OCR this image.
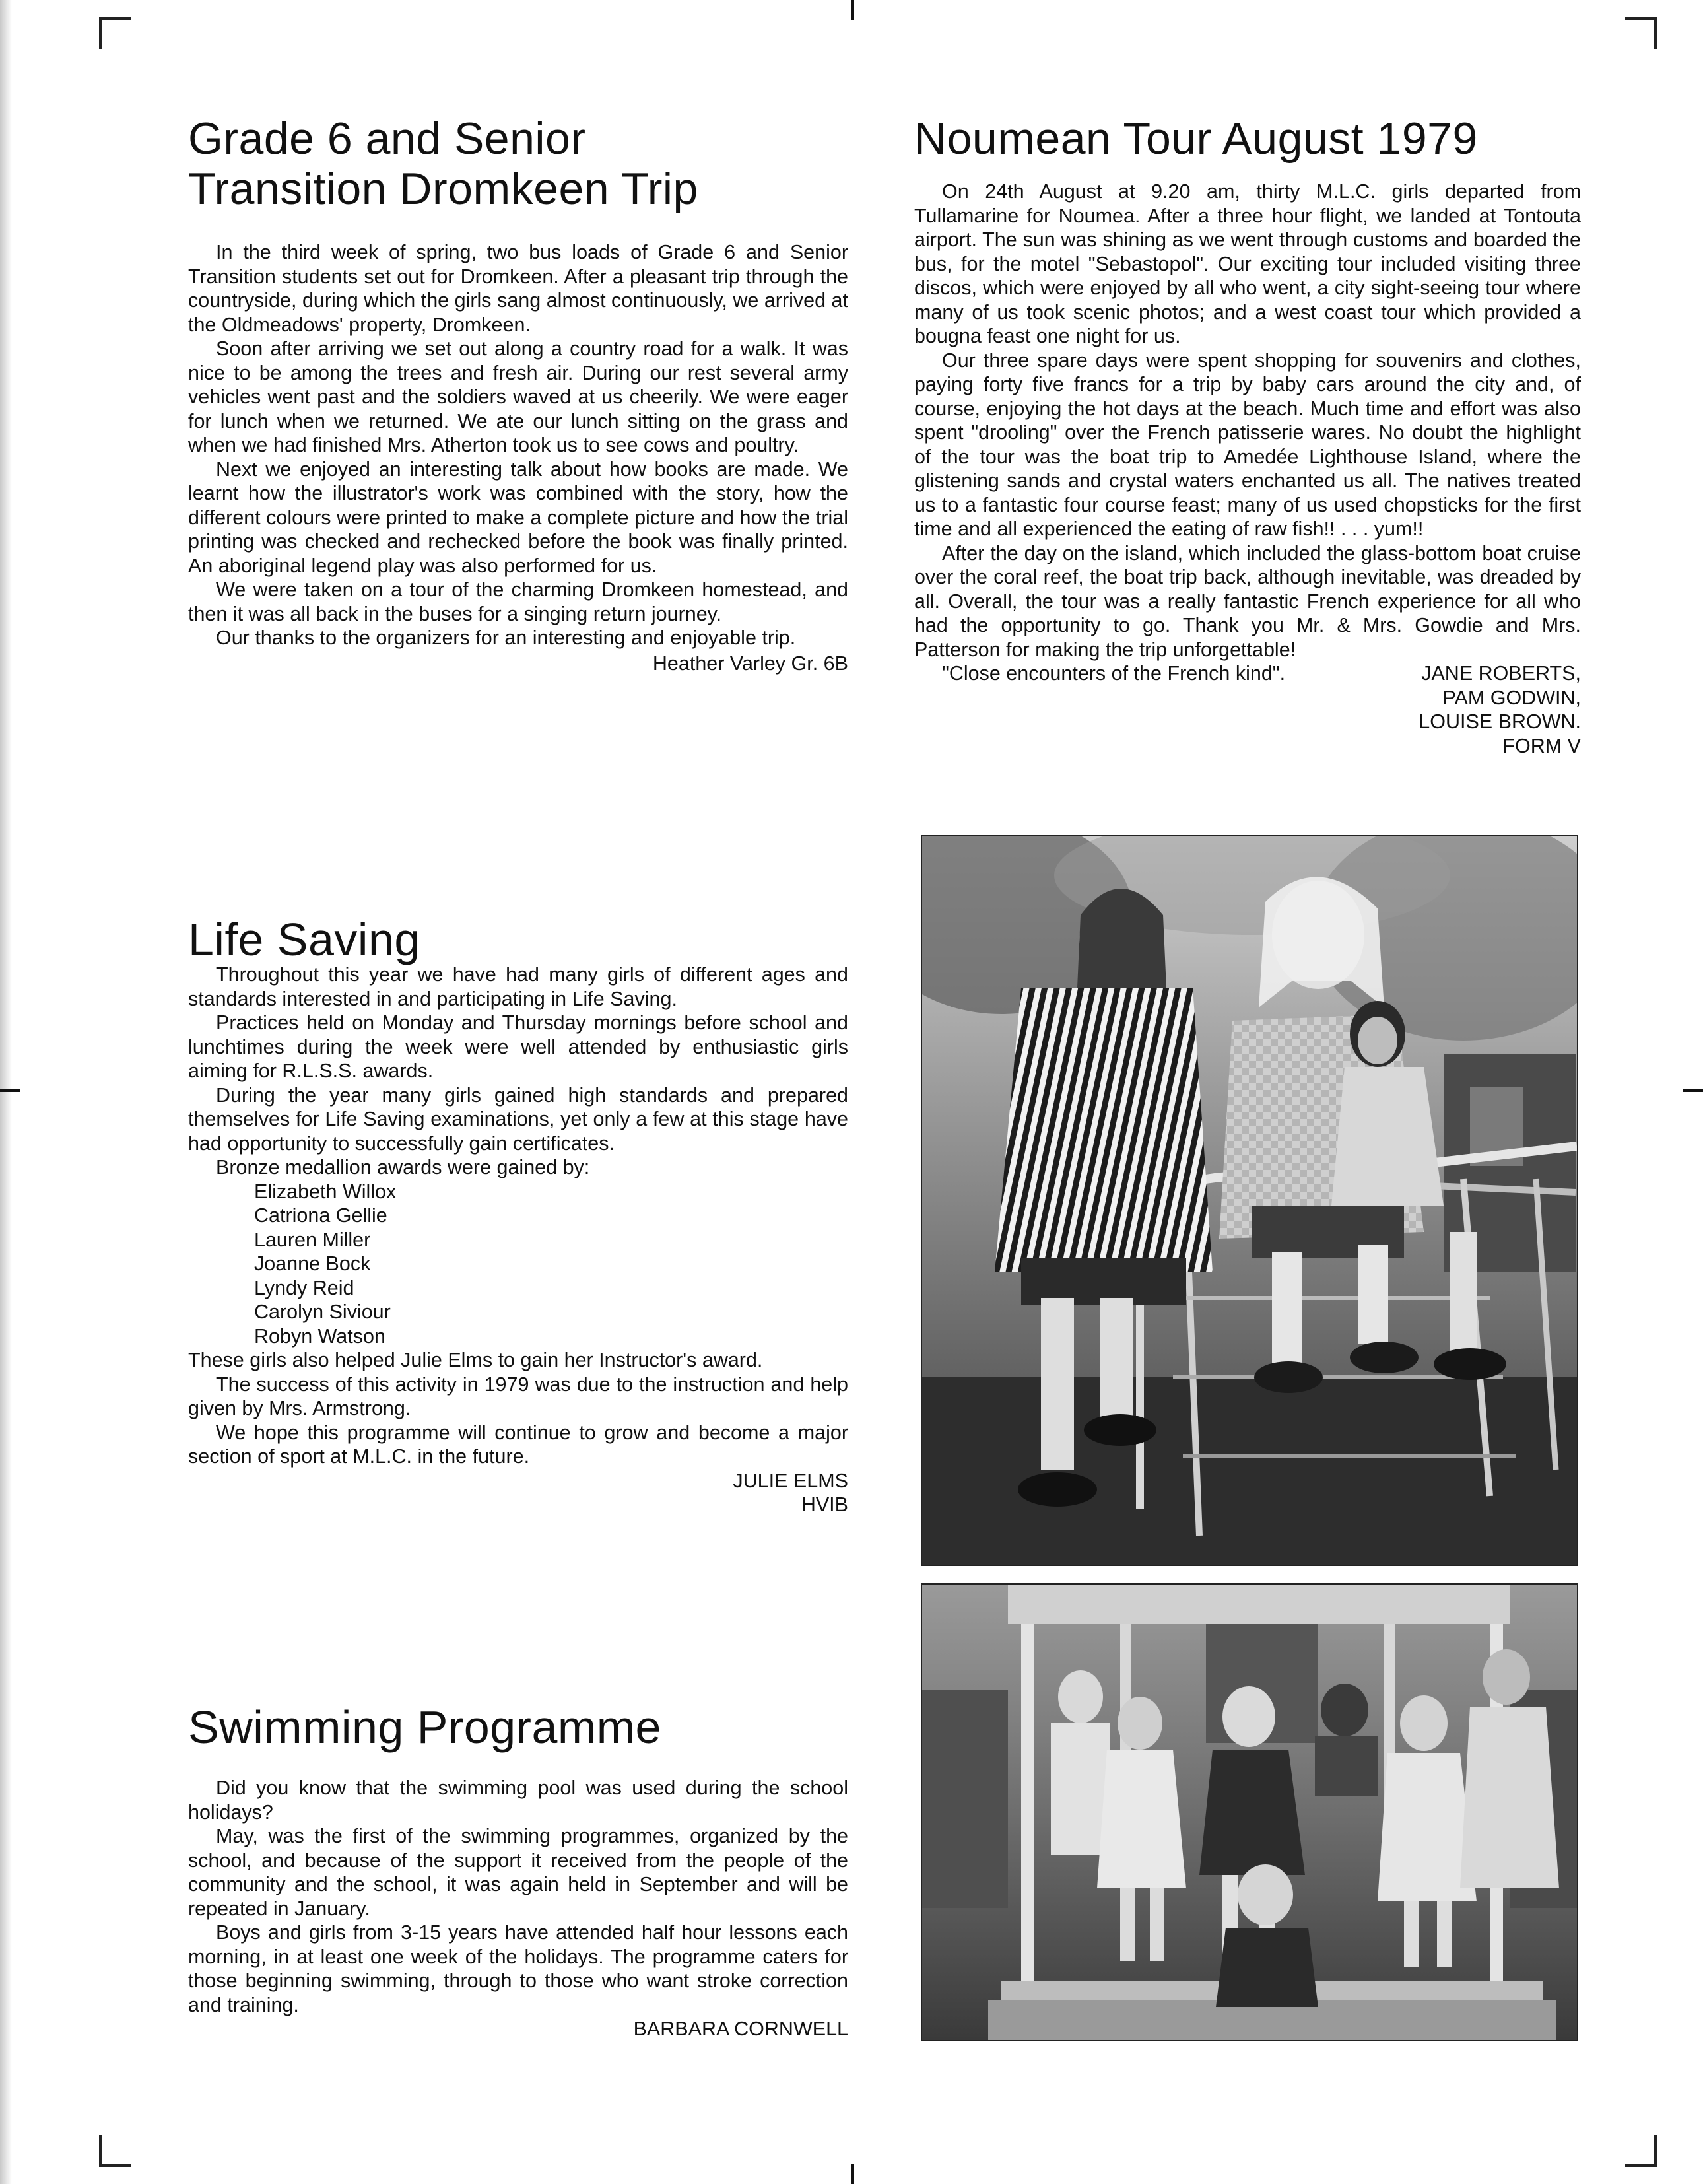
Grade 6 and Senior
Transition Dromkeen Trip

In the third week of spring, two bus loads of Grade 6 and Senior Transition students set out for Dromkeen. After a pleasant trip through the countryside, during which the girls sang almost continuously, we arrived at the Oldmeadows' property, Dromkeen.

Soon after arriving we set out along a country road for a walk. It was nice to be among the trees and fresh air. During our rest several army vehicles went past and the soldiers waved at us cheerily. We were eager for lunch when we returned. We ate our lunch sitting on the grass and when we had finished Mrs. Atherton took us to see cows and poultry.

Next we enjoyed an interesting talk about how books are made. We learnt how the illustrator's work was combined with the story, how the different colours were printed to make a complete picture and how the trial printing was checked and rechecked before the book was finally printed. An aboriginal legend play was also performed for us.

We were taken on a tour of the charming Dromkeen homestead, and then it was all back in the buses for a singing return journey.

Our thanks to the organizers for an interesting and enjoyable trip.

Heather Varley Gr. 6B

Noumean Tour August 1979

On 24th August at 9.20 am, thirty M.L.C. girls departed from Tullamarine for Noumea. After a three hour flight, we landed at Tontouta airport. The sun was shining as we went through customs and boarded the bus, for the motel "Sebastopol". Our exciting tour included visiting three discos, which were enjoyed by all who went, a city sight-seeing tour where many of us took scenic photos; and a west coast tour which provided a bougna feast one night for us.

Our three spare days were spent shopping for souvenirs and clothes, paying forty five francs for a trip by baby cars around the city and, of course, enjoying the hot days at the beach. Much time and effort was also spent "drooling" over the French patisserie wares. No doubt the highlight of the tour was the boat trip to Amedée Lighthouse Island, where the glistening sands and crystal waters enchanted us all. The natives treated us to a fantastic four course feast; many of us used chopsticks for the first time and all experienced the eating of raw fish!! . . . yum!!

After the day on the island, which included the glass-bottom boat cruise over the coral reef, the boat trip back, although inevitable, was dreaded by all. Overall, the tour was a really fantastic French experience for all who had the opportunity to go. Thank you Mr. & Mrs. Gowdie and Mrs. Patterson for making the trip unforgettable!

"Close encounters of the French kind".	JANE ROBERTS,
PAM GODWIN,
LOUISE BROWN.
FORM V
Life Saving

Throughout this year we have had many girls of different ages and standards interested in and participating in Life Saving.

Practices held on Monday and Thursday mornings before school and lunchtimes during the week were well attended by enthusiastic girls aiming for R.L.S.S. awards.

During the year many girls gained high standards and prepared themselves for Life Saving examinations, yet only a few at this stage have had opportunity to successfully gain certificates.

Bronze medallion awards were gained by:

Elizabeth Willox
Catriona Gellie
Lauren Miller
Joanne Bock
Lyndy Reid
Carolyn Siviour
Robyn Watson

These girls also helped Julie Elms to gain her Instructor's award.

The success of this activity in 1979 was due to the instruction and help given by Mrs. Armstrong.

We hope this programme will continue to grow and become a major section of sport at M.L.C. in the future.

JULIE ELMS

HVIB

Swimming Programme

Did you know that the swimming pool was used during the school holidays?

May, was the first of the swimming programmes, organized by the school, and because of the support it received from the people of the community and the school, it was again held in September and will be repeated in January.

Boys and girls from 3-15 years have attended half hour lessons each morning, in at least one week of the holidays. The programme caters for those beginning swimming, through to those who want stroke correction and training.

BARBARA CORNWELL
